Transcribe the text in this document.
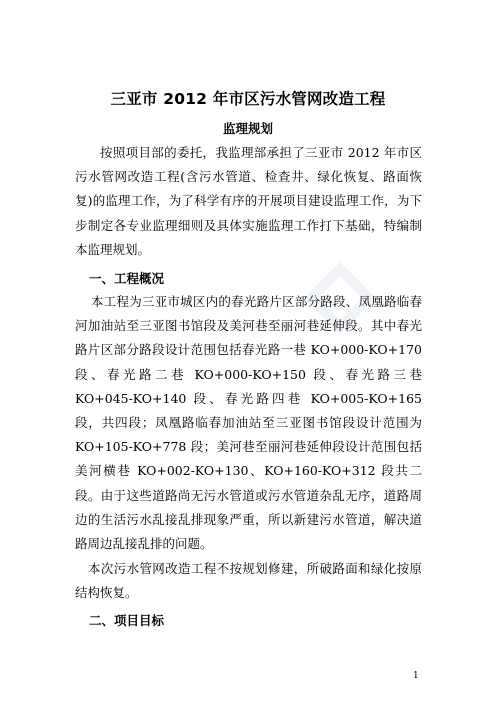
三亚市 2012 年市区污水管网改造工程
监理规划

按照项目部的委托，我监理部承担了三亚市 2012 年市区污水管网改造工程(含污水管道、检查井、绿化恢复、路面恢复)的监理工作，为了科学有序的开展项目建设监理工作，为下步制定各专业监理细则及具体实施监理工作打下基础，特编制本监理规划。

一、工程概况

本工程为三亚市城区内的春光路片区部分路段、凤凰路临春河加油站至三亚图书馆段及美河巷至丽河巷延伸段。其中春光路片区部分路段设计范围包括春光路一巷 KO+000-KO+170 段、春光路二巷 KO+000-KO+150 段、春光路三巷 KO+045-KO+140 段、春光路四巷 KO+005-KO+165 段，共四段；凤凰路临春加油站至三亚图书馆段设计范围为 KO+105-KO+778 段；美河巷至丽河巷延伸段设计范围包括美河横巷 KO+002-KO+130、KO+160-KO+312 段共二段。由于这些道路尚无污水管道或污水管道杂乱无序，道路周边的生活污水乱接乱排现象严重，所以新建污水管道，解决道路周边乱接乱排的问题。

本次污水管网改造工程不按规划修建，所破路面和绿化按原结构恢复。

二、项目目标
1
